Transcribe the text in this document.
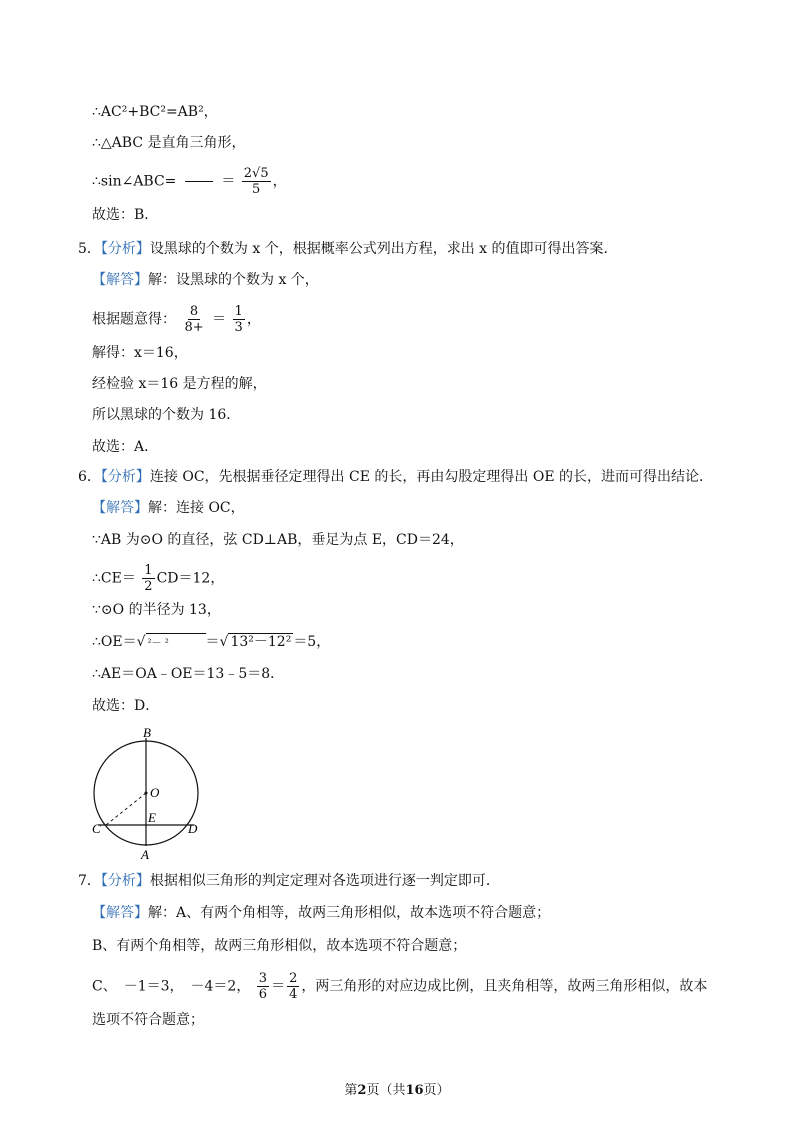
∴AC²+BC²=AB²，
∴△ABC 是直角三角形，
∴sin∠ABC=	＝ $\frac{2√5}{5}$ ，
故选：B．
5．【分析】设黑球的个数为 x 个，根据概率公式列出方程，求出 x 的值即可得出答案．
【解答】解：设黑球的个数为 x 个，
根据题意得： $\frac{8}{8+} = \frac{1}{3}$ ，
解得：x＝16，
经检验 x＝16 是方程的解，
所以黑球的个数为 16．
故选：A．
6．【分析】连接 OC，先根据垂径定理得出 CE 的长，再由勾股定理得出 OE 的长，进而可得出结论．
【解答】解：连接 OC，
∵AB 为⊙O 的直径，弦 CD⊥AB，垂足为点 E，CD＝24，
∴CE＝ $\frac{1}{2} CD=12$，
∵⊙O 的半径为 13，
∴OE＝√²－ ²	＝√ 13²－12² ＝5，
∴AE＝OA﹣OE＝13﹣5＝8．
故选：D．
B
O
E
C	D
A
7．【分析】根据相似三角形的判定定理对各选项进行逐一判定即可．
【解答】解：A、有两个角相等，故两三角形相似，故本选项不符合题意；
B、有两个角相等，故两三角形相似，故本选项不符合题意；
C、　－1＝3，　－4＝2， $\frac{3}{6} = \frac{2}{4}$ ，两三角形的对应边成比例，且夹角相等，故两三角形相似，故本
选项不符合题意；
第2页（共16页）
